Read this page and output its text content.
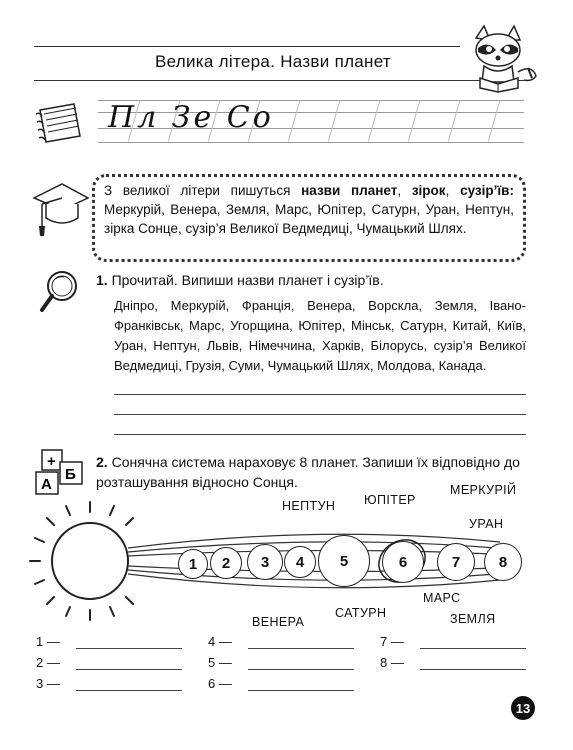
Велика літера. Назви планет
Пл Зе Со
З великої літери пишуться назви планет, зірок, сузір’їв: Меркурій, Венера, Земля, Марс, Юпітер, Сатурн, Уран, Нептун, зірка Сонце, сузір’я Великої Ведмедиці, Чумацький Шлях.
1. Прочитай. Випиши назви планет і сузір’їв.
Дніпро, Меркурій, Франція, Венера, Ворскла, Земля, Івано-Франківськ, Марс, Угорщина, Юпітер, Мінськ, Сатурн, Китай, Київ, Уран, Нептун, Львів, Німеччина, Харків, Білорусь, сузір’я Великої Ведмедиці, Грузія, Суми, Чумацький Шлях, Молдова, Канада.
+
А
Б
2. Сонячна система нараховує 8 планет. Запиши їх відповідно до розташування відносно Сонця.
1	2	3	4	5	6	7	8
НЕПТУН ЮПІТЕР
МЕРКУРІЙ
УРАН
МАРС
ВЕНЕРА
САТУРН	ЗЕМЛЯ
1 —
2 —
3 —
4 —
5 —
6 —
7 —
8 —
13
